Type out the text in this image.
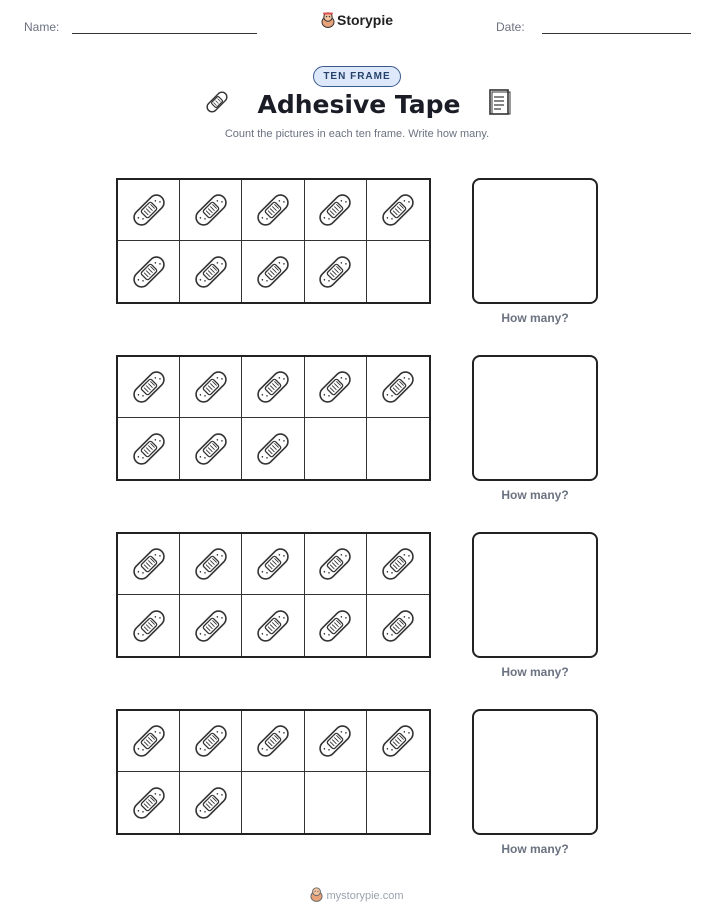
Name:	Storypie	Date:
TEN FRAME
Adhesive Tape
Count the pictures in each ten frame. Write how many.
How many?
How many?
How many?
How many?
mystorypie.com
